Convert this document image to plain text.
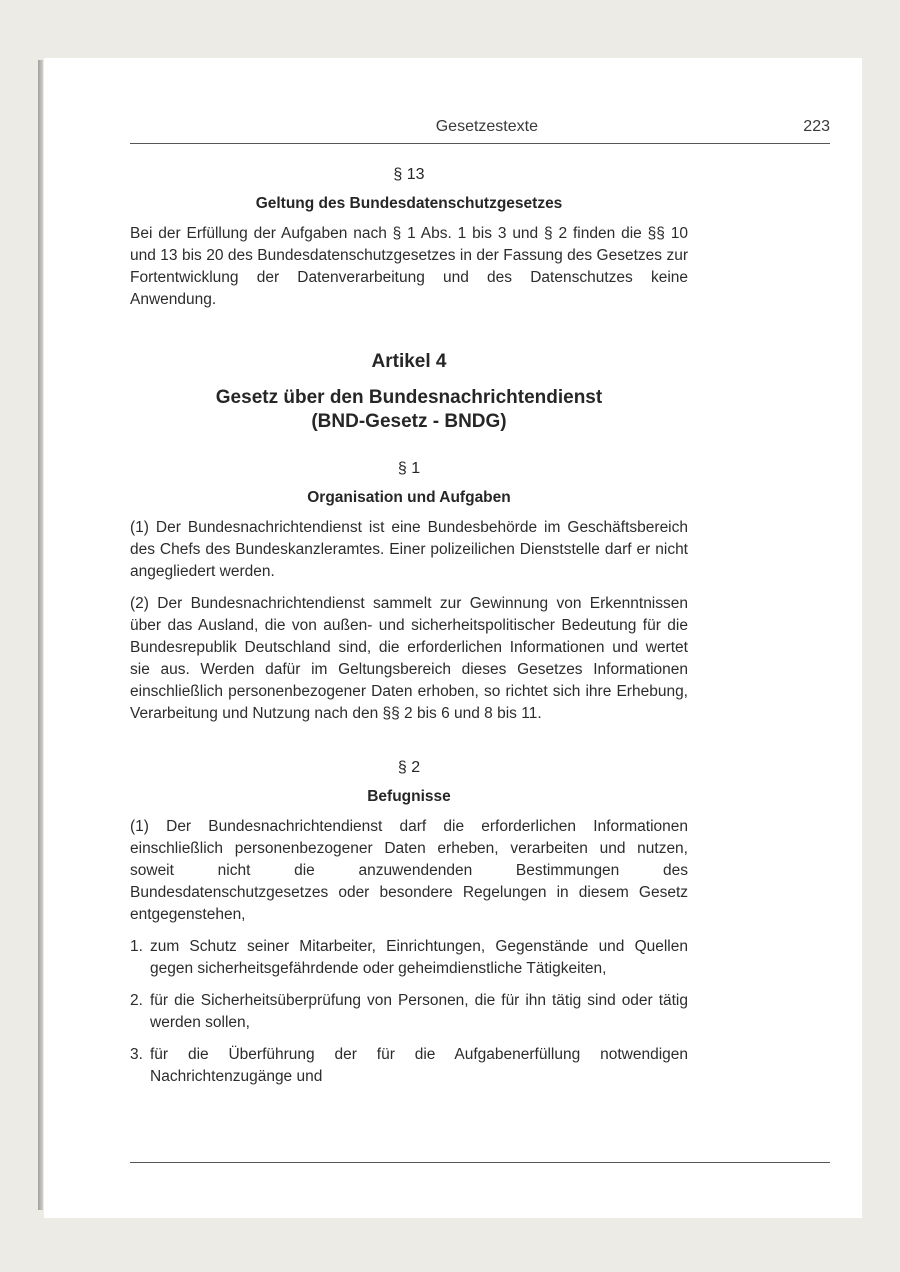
Gesetzestexte	223

§ 13

Geltung des Bundesdatenschutzgesetzes

Bei der Erfüllung der Aufgaben nach § 1 Abs. 1 bis 3 und § 2 finden die §§ 10 und 13 bis 20 des Bundesdatenschutzgesetzes in der Fassung des Gesetzes zur Fortentwicklung der Datenverarbeitung und des Datenschutzes keine Anwendung.

Artikel 4

Gesetz über den Bundesnachrichtendienst

(BND-Gesetz - BNDG)

§ 1

Organisation und Aufgaben

(1) Der Bundesnachrichtendienst ist eine Bundesbehörde im Geschäftsbereich des Chefs des Bundeskanzleramtes. Einer polizeilichen Dienststelle darf er nicht angegliedert werden.

(2) Der Bundesnachrichtendienst sammelt zur Gewinnung von Erkenntnissen über das Ausland, die von außen- und sicherheitspolitischer Bedeutung für die Bundesrepublik Deutschland sind, die erforderlichen Informationen und wertet sie aus. Werden dafür im Geltungsbereich dieses Gesetzes Informationen einschließlich personenbezogener Daten erhoben, so richtet sich ihre Erhebung, Verarbeitung und Nutzung nach den §§ 2 bis 6 und 8 bis 11.

§ 2

Befugnisse

(1) Der Bundesnachrichtendienst darf die erforderlichen Informationen einschließlich personenbezogener Daten erheben, verarbeiten und nutzen, soweit nicht die anzuwendenden Bestimmungen des Bundesdatenschutzgesetzes oder besondere Regelungen in diesem Gesetz entgegenstehen,

1. zum Schutz seiner Mitarbeiter, Einrichtungen, Gegenstände und Quellen gegen sicherheitsgefährdende oder geheimdienstliche Tätigkeiten,
2. für die Sicherheitsüberprüfung von Personen, die für ihn tätig sind oder tätig werden sollen,
3. für die Überführung der für die Aufgabenerfüllung notwendigen Nachrichtenzugänge und
